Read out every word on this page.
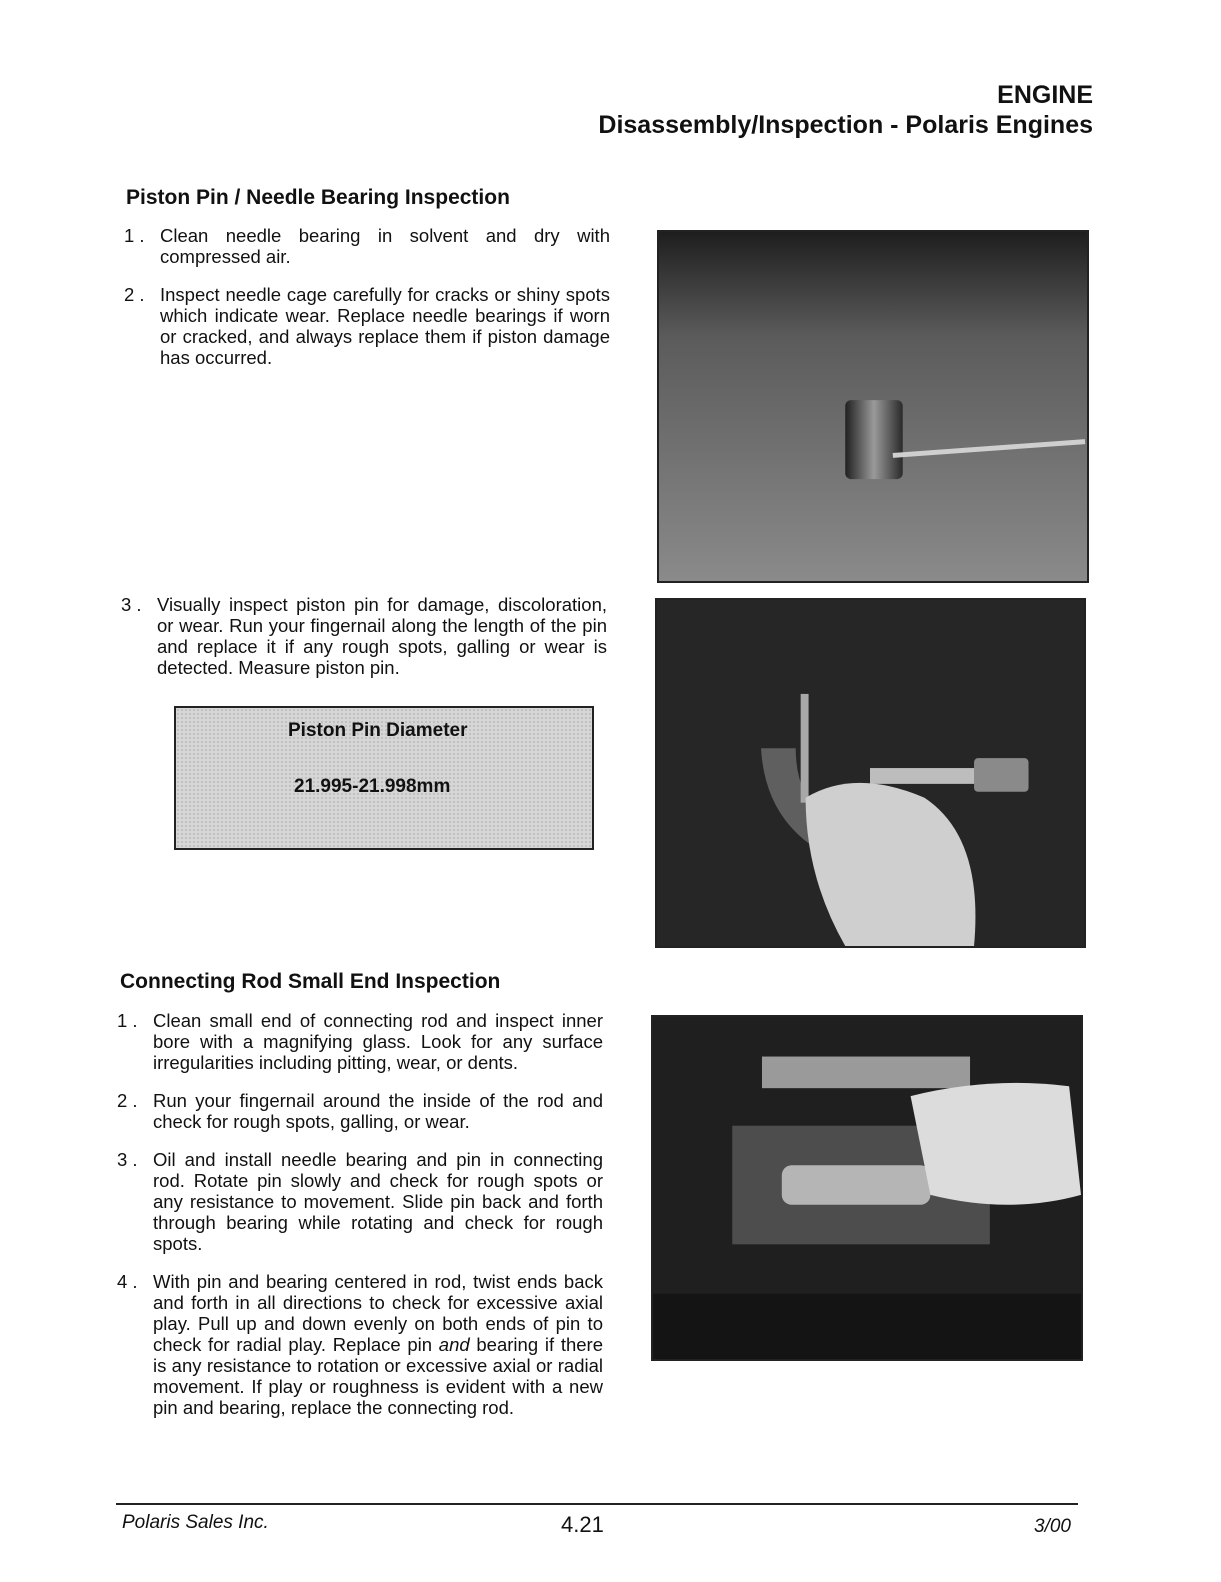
ENGINE
Disassembly/Inspection - Polaris Engines
Piston Pin / Needle Bearing Inspection
1 . Clean needle bearing in solvent and dry with compressed air.
2 . Inspect needle cage carefully for cracks or shiny spots which indicate wear. Replace needle bearings if worn or cracked, and always replace them if piston damage has occurred.
3 . Visually inspect piston pin for damage, discoloration, or wear. Run your fingernail along the length of the pin and replace it if any rough spots, galling or wear is detected. Measure piston pin.
Piston Pin Diameter
21.995-21.998mm
Connecting Rod Small End Inspection
1 . Clean small end of connecting rod and inspect inner bore with a magnifying glass. Look for any surface irregularities including pitting, wear, or dents.
2 . Run your fingernail around the inside of the rod and check for rough spots, galling, or wear.
3 . Oil and install needle bearing and pin in connecting rod. Rotate pin slowly and check for rough spots or any resistance to movement. Slide pin back and forth through bearing while rotating and check for rough spots.
4 . With pin and bearing centered in rod, twist ends back and forth in all directions to check for excessive axial play. Pull up and down evenly on both ends of pin to check for radial play. Replace pin and bearing if there is any resistance to rotation or excessive axial or radial movement. If play or roughness is evident with a new pin and bearing, replace the connecting rod.
Polaris Sales Inc.	4.21	3/00
